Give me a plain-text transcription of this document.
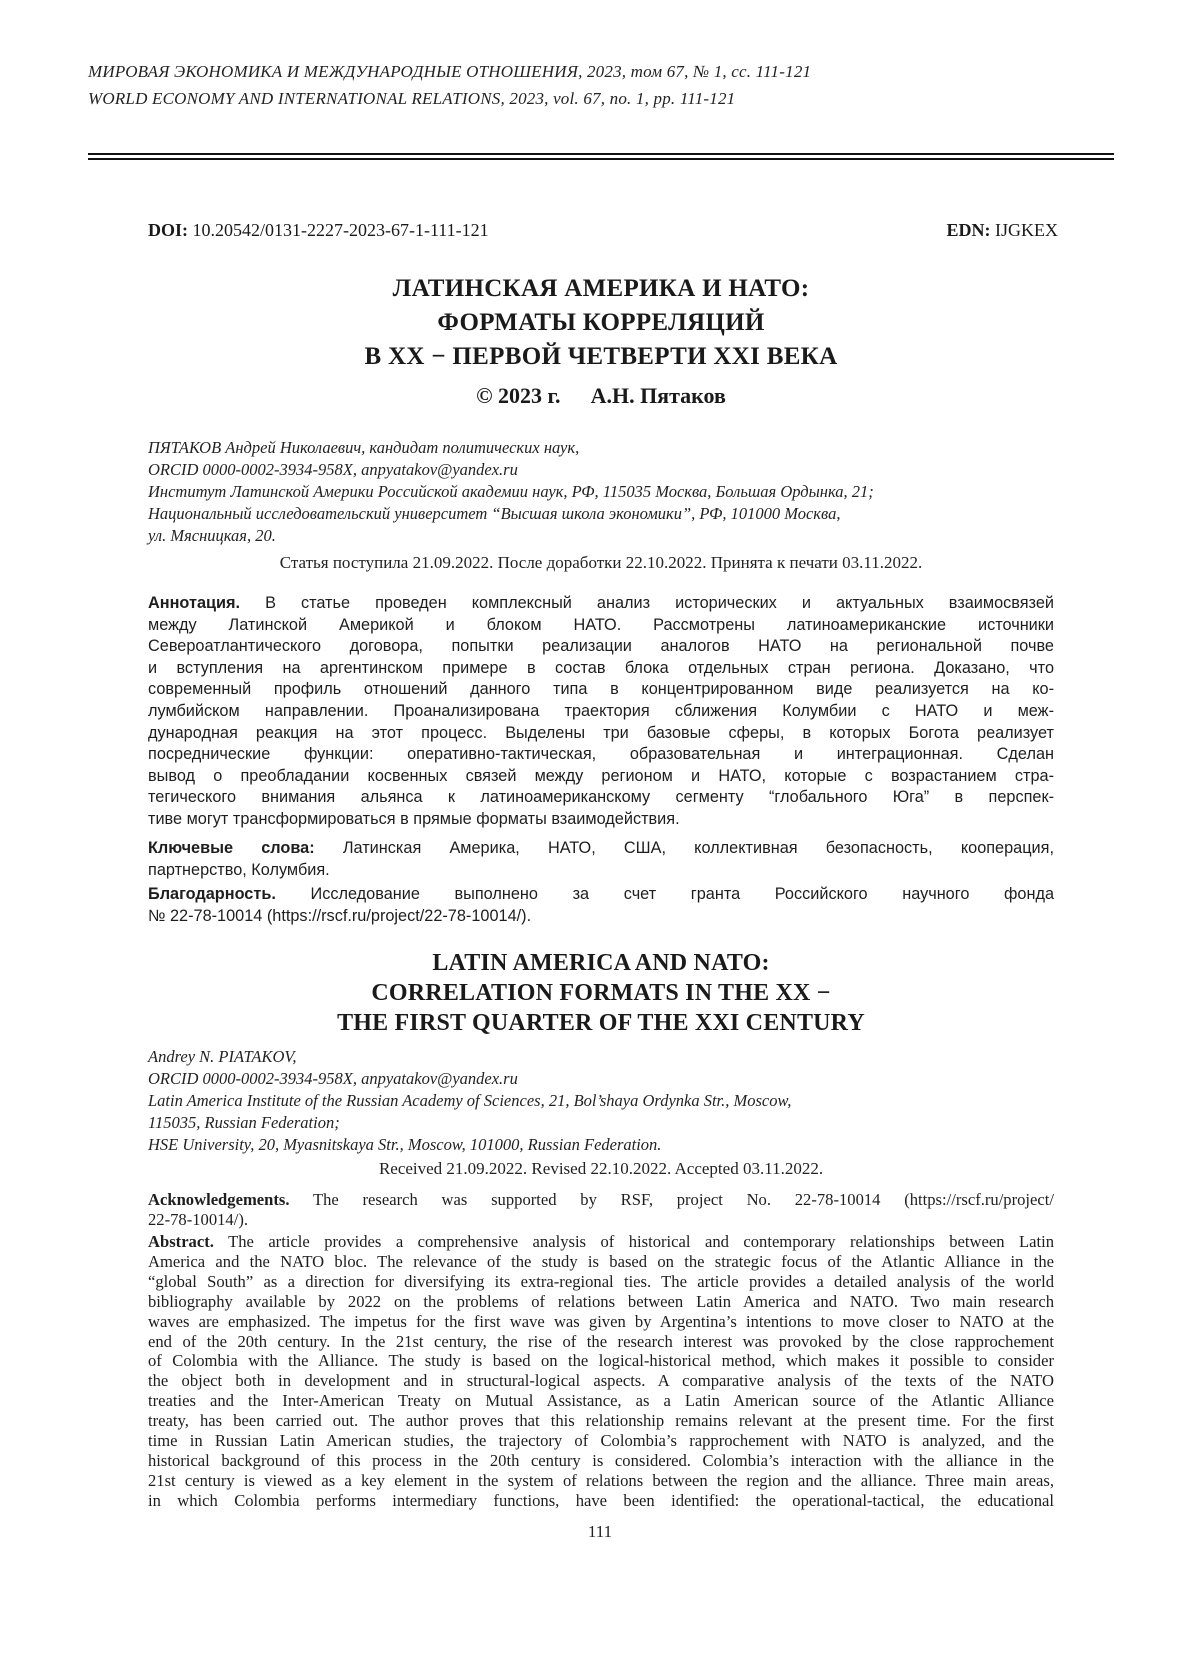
МИРОВАЯ ЭКОНОМИКА И МЕЖДУНАРОДНЫЕ ОТНОШЕНИЯ, 2023, том 67, № 1, сс. 111-121
WORLD ECONOMY AND INTERNATIONAL RELATIONS, 2023, vol. 67, no. 1, pp. 111-121
DOI: 10.20542/0131-2227-2023-67-1-111-121	EDN: IJGKEX
ЛАТИНСКАЯ АМЕРИКА И НАТО:
ФОРМАТЫ КОРРЕЛЯЦИЙ
В ХХ − ПЕРВОЙ ЧЕТВЕРТИ XXI ВЕКА
© 2023 г. А.Н. Пятаков
ПЯТАКОВ Андрей Николаевич, кандидат политических наук,
ORCID 0000-0002-3934-958X, anpyatakov@yandex.ru
Институт Латинской Америки Российской академии наук, РФ, 115035 Москва, Большая Ордынка, 21;
Национальный исследовательский университет “Высшая школа экономики”, РФ, 101000 Москва,
ул. Мясницкая, 20.
Статья поступила 21.09.2022. После доработки 22.10.2022. Принята к печати 03.11.2022.
Аннотация. В статье проведен комплексный анализ исторических и актуальных взаимосвязей
между Латинской Америкой и блоком НАТО. Рассмотрены латиноамериканские источники
Североатлантического договора, попытки реализации аналогов НАТО на региональной почве
и вступления на аргентинском примере в состав блока отдельных стран региона. Доказано, что
современный профиль отношений данного типа в концентрированном виде реализуется на ко-
лумбийском направлении. Проанализирована траектория сближения Колумбии с НАТО и меж-
дународная реакция на этот процесс. Выделены три базовые сферы, в которых Богота реализует
посреднические функции: оперативно-тактическая, образовательная и интеграционная. Сделан
вывод о преобладании косвенных связей между регионом и НАТО, которые с возрастанием стра-
тегического внимания альянса к латиноамериканскому сегменту “глобального Юга” в перспек-
тиве могут трансформироваться в прямые форматы взаимодействия.
Ключевые слова: Латинская Америка, НАТО, США, коллективная безопасность, кооперация,
партнерство, Колумбия.
Благодарность. Исследование выполнено за счет гранта Российского научного фонда
№ 22-78-10014 (https://rscf.ru/project/22-78-10014/).
LATIN AMERICA AND NATO:
CORRELATION FORMATS IN THE XX −
THE FIRST QUARTER OF THE XXI CENTURY
Andrey N. PIATAKOV,
ORCID 0000-0002-3934-958X, anpyatakov@yandex.ru
Latin America Institute of the Russian Academy of Sciences, 21, Bol’shaya Ordynka Str., Moscow,
115035, Russian Federation;
HSE University, 20, Myasnitskaya Str., Moscow, 101000, Russian Federation.
Received 21.09.2022. Revised 22.10.2022. Accepted 03.11.2022.
Acknowledgements. The research was supported by RSF, project No. 22-78-10014 (https://rscf.ru/project/
22-78-10014/).
Abstract. The article provides a comprehensive analysis of historical and contemporary relationships between Latin
America and the NATO bloc. The relevance of the study is based on the strategic focus of the Atlantic Alliance in the
“global South” as a direction for diversifying its extra-regional ties. The article provides a detailed analysis of the world
bibliography available by 2022 on the problems of relations between Latin America and NATO. Two main research
waves are emphasized. The impetus for the first wave was given by Argentina’s intentions to move closer to NATO at the
end of the 20th century. In the 21st century, the rise of the research interest was provoked by the close rapprochement
of Colombia with the Alliance. The study is based on the logical-historical method, which makes it possible to consider
the object both in development and in structural-logical aspects. A comparative analysis of the texts of the NATO
treaties and the Inter-American Treaty on Mutual Assistance, as a Latin American source of the Atlantic Alliance
treaty, has been carried out. The author proves that this relationship remains relevant at the present time. For the first
time in Russian Latin American studies, the trajectory of Colombia’s rapprochement with NATO is analyzed, and the
historical background of this process in the 20th century is considered. Colombia’s interaction with the alliance in the
21st century is viewed as a key element in the system of relations between the region and the alliance. Three main areas,
in which Colombia performs intermediary functions, have been identified: the operational-tactical, the educational
111
